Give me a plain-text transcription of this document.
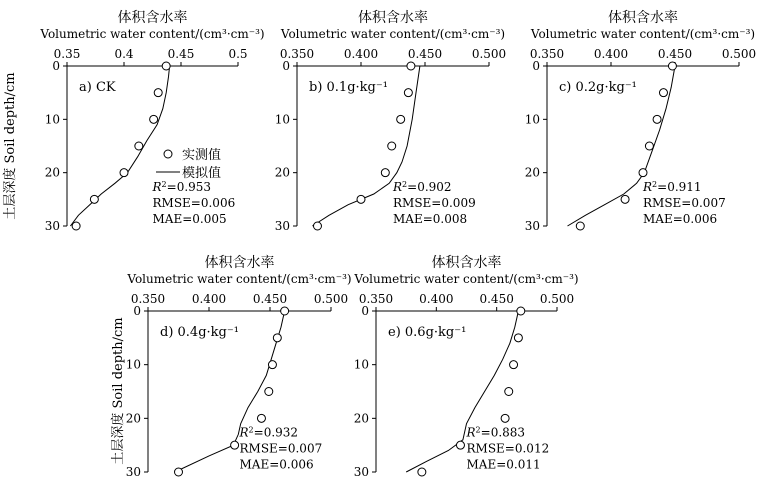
体积含水率
Volumetric water content/(cm³·cm⁻³)
0.35	0.4	0.45	0.5
0
10
20
30
a) CK
$R^2=0.953$
RMSE=0.006
MAE=0.005
实测值
模拟值
体积含水率
Volumetric water content/(cm³·cm⁻³)
0.350 0.400 0.450 0.500
0
10
20
30
b) 0.1g·kg⁻¹
$R^2=0.902$
RMSE=0.009
MAE=0.008
体积含水率
Volumetric water content/(cm³·cm⁻³)
0.350 0.400 0.450 0.500
0
10
20
30
c) 0.2g·kg⁻¹
$R^2=0.911$
RMSE=0.007
MAE=0.006
体积含水率
Volumetric water content/(cm³·cm⁻³)
0.350 0.400 0.450 0.500
0
10
20
30
d) 0.4g·kg⁻¹
$R^2=0.932$
RMSE=0.007
MAE=0.006
体积含水率
Volumetric water content/(cm³·cm⁻³)
0.350 0.400 0.450 0.500
0
10
20
30
e) 0.6g·kg⁻¹
$R^2=0.883$
RMSE=0.012
MAE=0.011
土层深度 Soil depth/cm
土层深度 Soil depth/cm
